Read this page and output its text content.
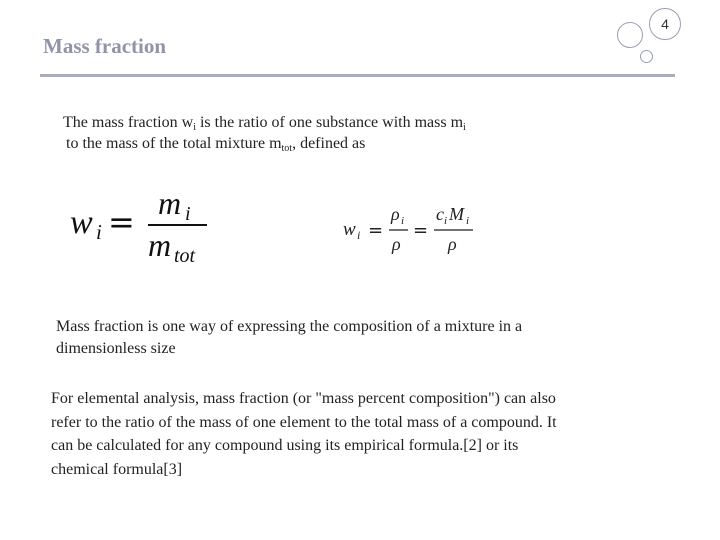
Mass fraction
4
The mass fraction $w_i$ is the ratio of one substance with mass $m_i$
to the mass of the total mixture $m_{tot}$, defined as
w i = m i
m tot
w i =
ρ i
ρ
=
c i M i
ρ
Mass fraction is one way of expressing the composition of a mixture in a
dimensionless size
For elemental analysis, mass fraction (or "mass percent composition") can also
refer to the ratio of the mass of one element to the total mass of a compound. It
can be calculated for any compound using its empirical formula.[2] or its
chemical formula[3]
